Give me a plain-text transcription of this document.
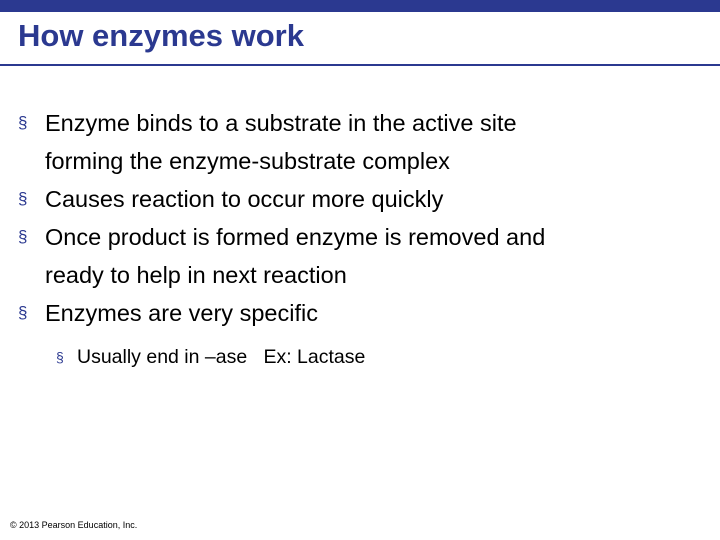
How enzymes work
§ Enzyme binds to a substrate in the active site
forming the enzyme-substrate complex
§ Causes reaction to occur more quickly
§ Once product is formed enzyme is removed and
ready to help in next reaction
§ Enzymes are very specific
§ Usually end in –ase   Ex: Lactase
© 2013 Pearson Education, Inc.
